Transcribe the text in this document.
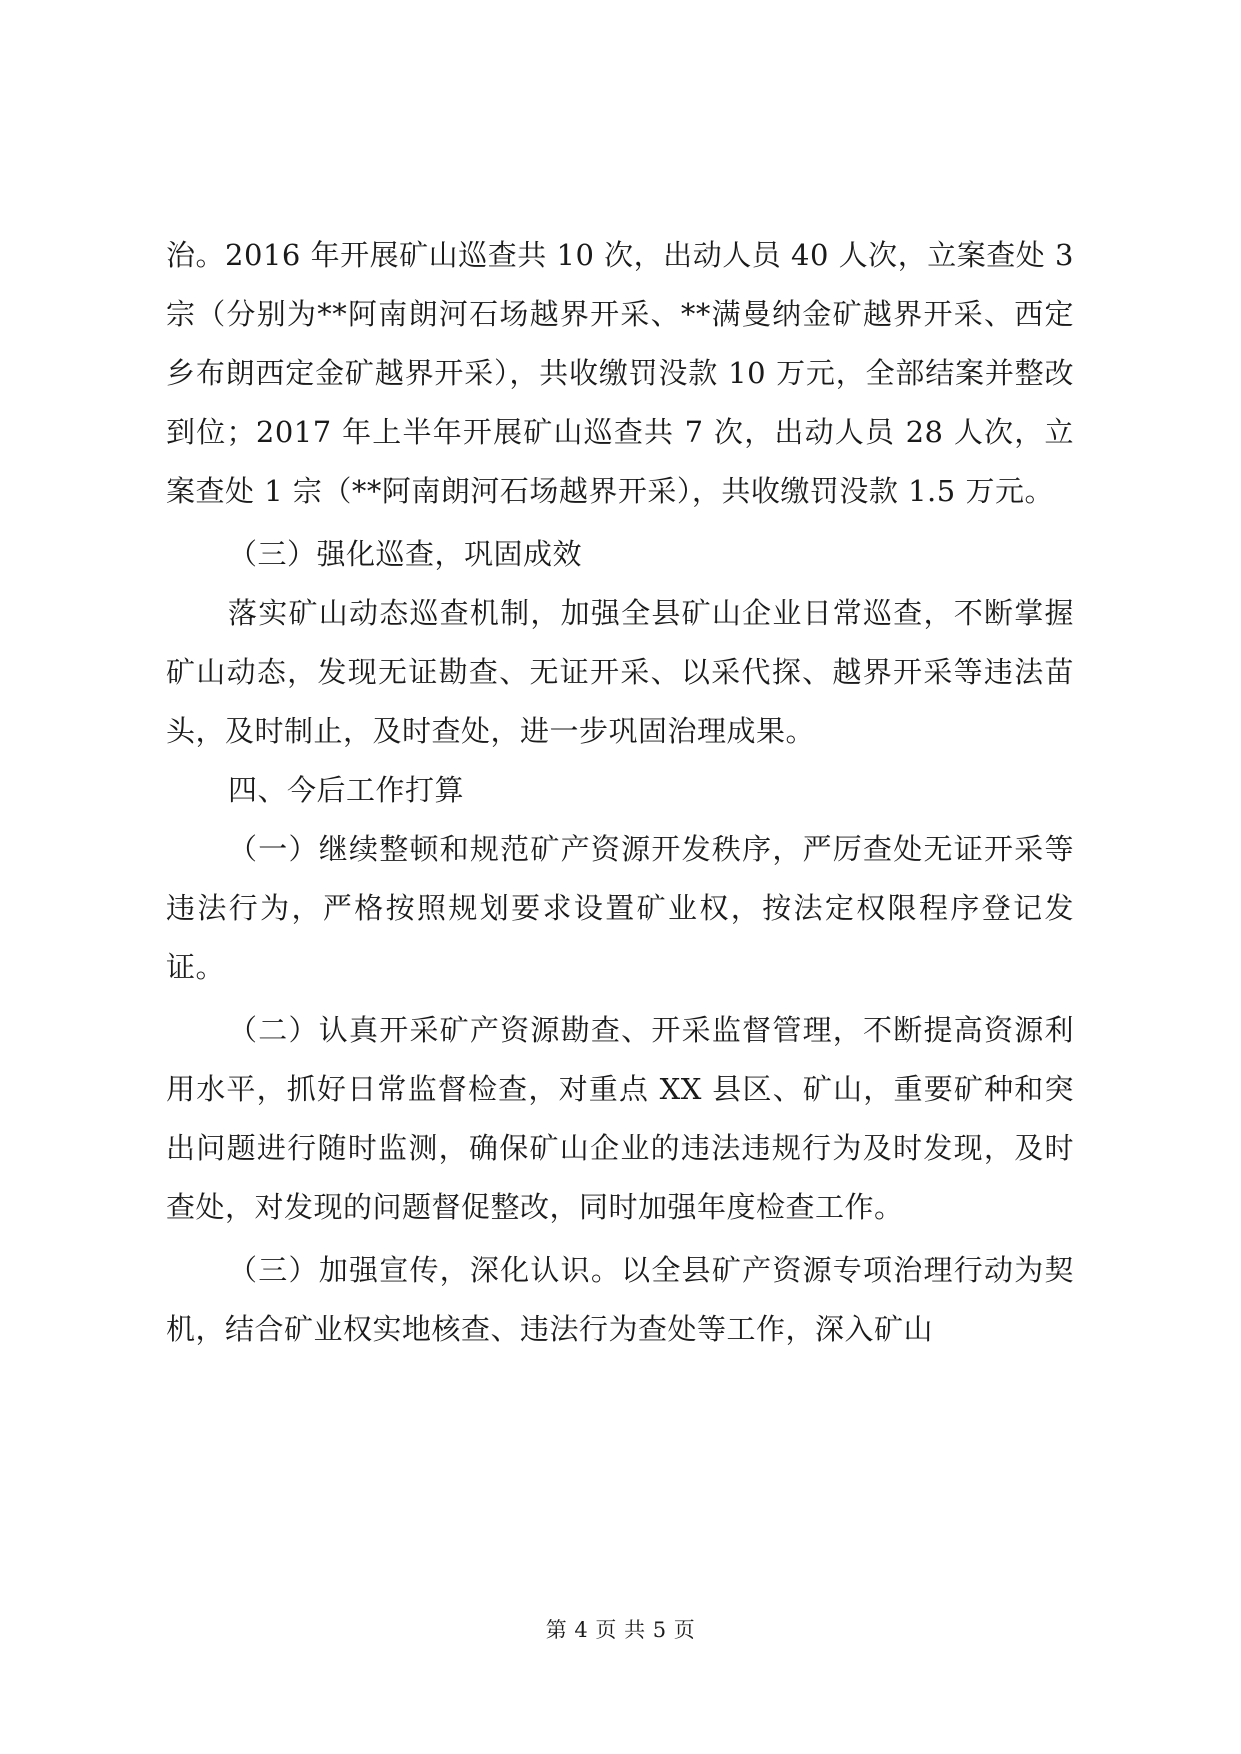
治。2016 年开展矿山巡查共 10 次，出动人员 40 人次，立案查处 3 宗（分别为**阿南朗河石场越界开采、**满曼纳金矿越界开采、西定乡布朗西定金矿越界开采），共收缴罚没款 10 万元，全部结案并整改到位；2017 年上半年开展矿山巡查共 7 次，出动人员 28 人次，立案查处 1 宗（**阿南朗河石场越界开采），共收缴罚没款 1.5 万元。

（三）强化巡查，巩固成效

落实矿山动态巡查机制，加强全县矿山企业日常巡查，不断掌握矿山动态，发现无证勘查、无证开采、以采代探、越界开采等违法苗头，及时制止，及时查处，进一步巩固治理成果。

四、今后工作打算

（一）继续整顿和规范矿产资源开发秩序，严厉查处无证开采等违法行为，严格按照规划要求设置矿业权，按法定权限程序登记发证。

（二）认真开采矿产资源勘查、开采监督管理，不断提高资源利用水平，抓好日常监督检查，对重点 XX 县区、矿山，重要矿种和突出问题进行随时监测，确保矿山企业的违法违规行为及时发现，及时查处，对发现的问题督促整改，同时加强年度检查工作。

（三）加强宣传，深化认识。以全县矿产资源专项治理行动为契机，结合矿业权实地核查、违法行为查处等工作，深入矿山

第 4 页 共 5 页
